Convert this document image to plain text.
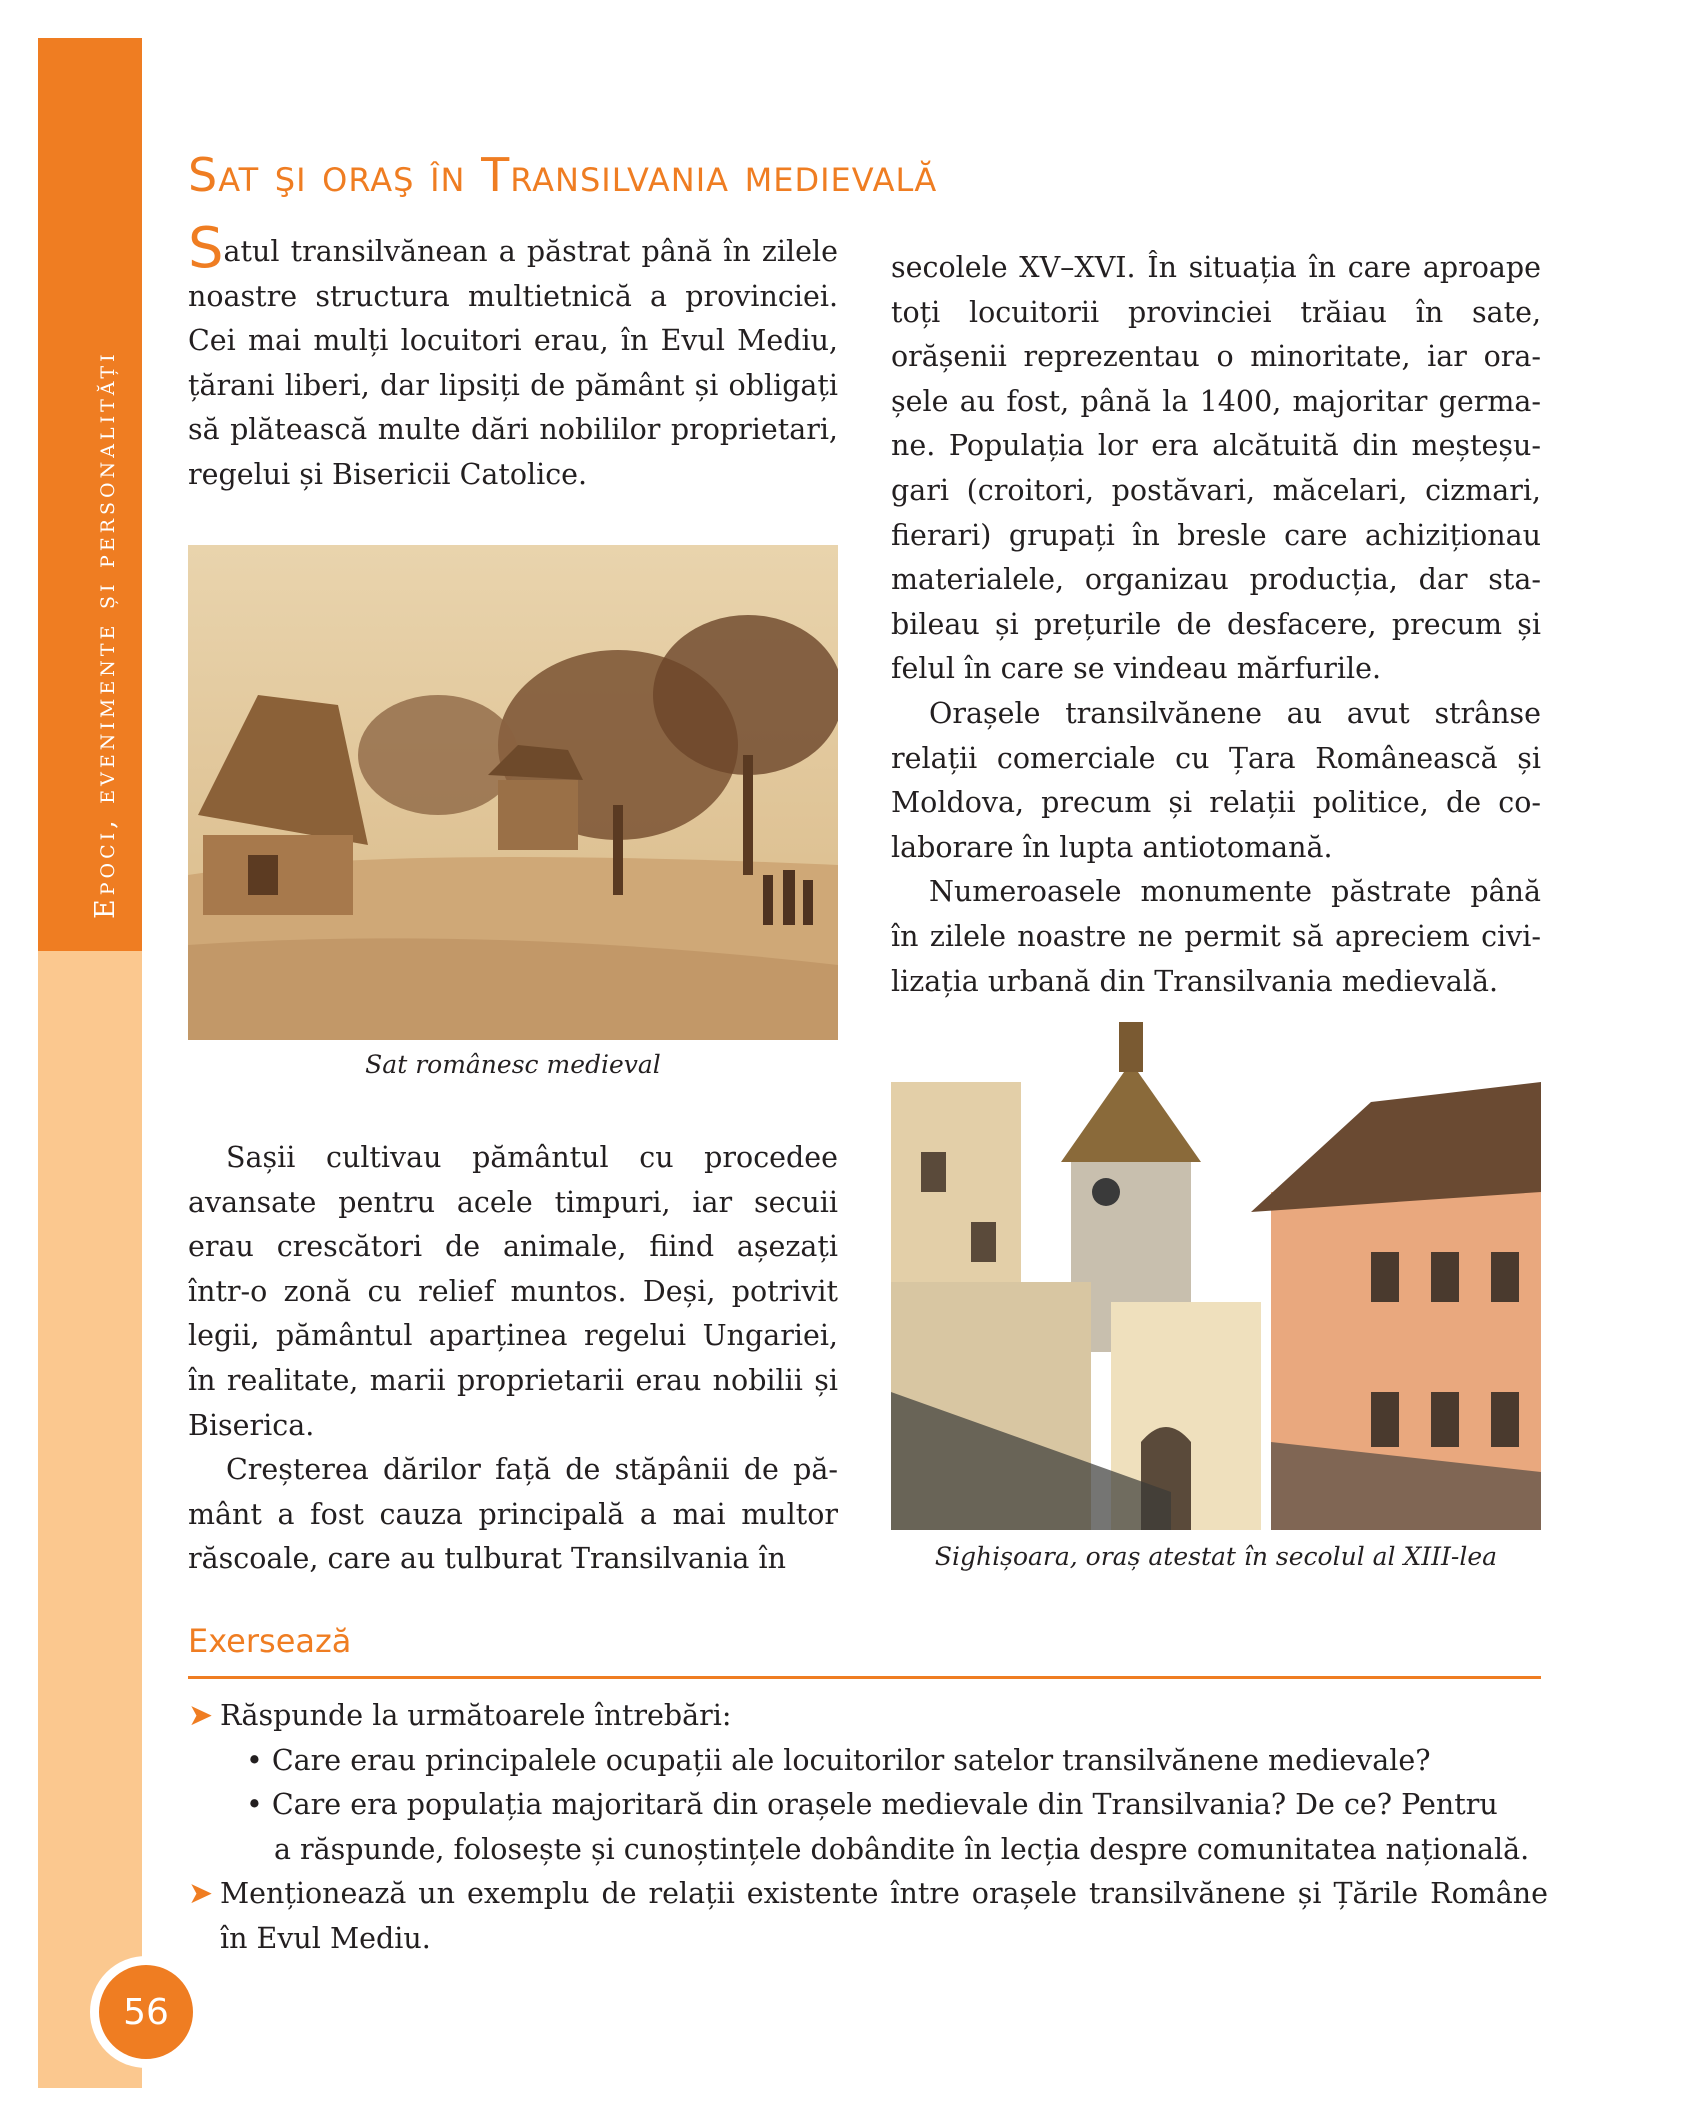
Epoci, evenimente și personalități
Sat şi oraş în Transilvania medievală

Satul transilvănean a păstrat până în zilele noastre structura multietnică a provinciei. Cei mai mulți locuitori erau, în Evul Mediu, țărani liberi, dar lipsiți de pământ și obligați să plătească multe dări nobililor proprietari, regelui și Bisericii Catolice.

Sat românesc medieval

Sașii cultivau pământul cu procedee avansate pentru acele timpuri, iar secuii erau crescători de animale, fiind așezați într-o zonă cu relief muntos. Deși, potrivit legii, pământul aparținea regelui Ungariei, în realitate, marii proprietarii erau nobilii și Biserica.

Creșterea dărilor față de stăpânii de pământ a fost cauza principală a mai multor răscoale, care au tulburat Transilvania în

secolele XV–XVI. În situația în care aproape toți locuitorii provinciei trăiau în sate, orășenii reprezentau o minoritate, iar orașele au fost, până la 1400, majoritar germane. Populația lor era alcătuită din meșteșugari (croitori, postăvari, măcelari, cizmari, fierari) grupați în bresle care achiziționau materialele, organizau producția, dar stabileau și prețurile de desfacere, precum și felul în care se vindeau mărfurile.

Orașele transilvănene au avut strânse relații comerciale cu Țara Românească și Moldova, precum și relații politice, de colaborare în lupta antiotomană.

Numeroasele monumente păstrate până în zilele noastre ne permit să apreciem civilizația urbană din Transilvania medievală.

Sighișoara, oraș atestat în secolul al XIII-lea
Exersează
➤ Răspunde la următoarele întrebări:
• Care erau principalele ocupații ale locuitorilor satelor transilvănene medievale?
• Care era populația majoritară din orașele medievale din Transilvania? De ce? Pentru
a răspunde, folosește și cunoștințele dobândite în lecția despre comunitatea națională.
➤ Menționează un exemplu de relații existente între orașele transilvănene și Țările Române în Evul Mediu.
56
